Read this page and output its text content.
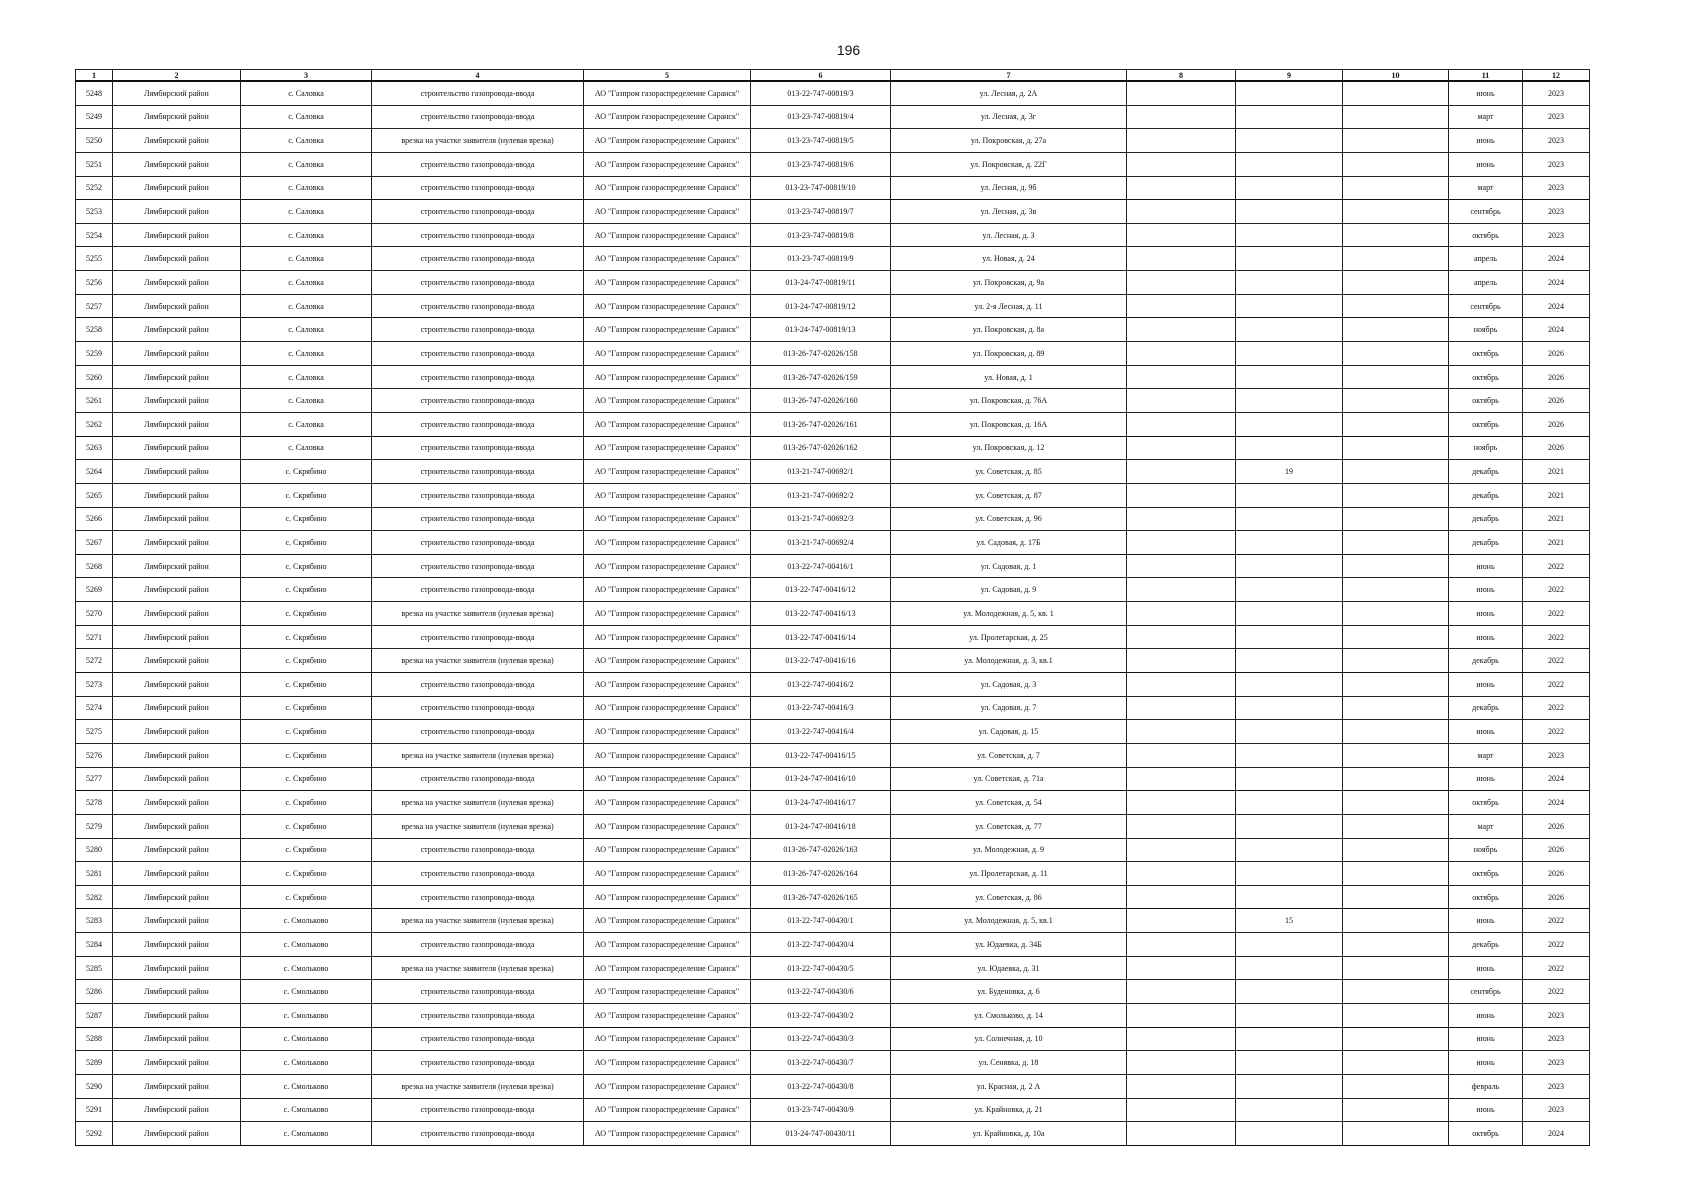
196
1	2	3	4	5	6	7	8	9	10	11	12
5248	Лямбирский район	с. Саловка	строительство газопровода-ввода	АО "Газпром газораспределение Саранск"	013-22-747-00819/3	ул. Лесная, д. 2А				июнь	2023
5249	Лямбирский район	с. Саловка	строительство газопровода-ввода	АО "Газпром газораспределение Саранск"	013-23-747-00819/4	ул. Лесная, д. 3г				март	2023
5250	Лямбирский район	с. Саловка	врезка на участке заявителя (нулевая врезка)	АО "Газпром газораспределение Саранск"	013-23-747-00819/5	ул. Покровская, д. 27а				июнь	2023
5251	Лямбирский район	с. Саловка	строительство газопровода-ввода	АО "Газпром газораспределение Саранск"	013-23-747-00819/6	ул. Покровская, д. 22Г				июнь	2023
5252	Лямбирский район	с. Саловка	строительство газопровода-ввода	АО "Газпром газораспределение Саранск"	013-23-747-00819/10	ул. Лесная, д. 9б				март	2023
5253	Лямбирский район	с. Саловка	строительство газопровода-ввода	АО "Газпром газораспределение Саранск"	013-23-747-00819/7	ул. Лесная, д. 3в				сентябрь	2023
5254	Лямбирский район	с. Саловка	строительство газопровода-ввода	АО "Газпром газораспределение Саранск"	013-23-747-00819/8	ул. Лесная, д. 3				октябрь	2023
5255	Лямбирский район	с. Саловка	строительство газопровода-ввода	АО "Газпром газораспределение Саранск"	013-23-747-00819/9	ул. Новая, д. 24				апрель	2024
5256	Лямбирский район	с. Саловка	строительство газопровода-ввода	АО "Газпром газораспределение Саранск"	013-24-747-00819/11	ул. Покровская, д. 9а				апрель	2024
5257	Лямбирский район	с. Саловка	строительство газопровода-ввода	АО "Газпром газораспределение Саранск"	013-24-747-00819/12	ул. 2-я Лесная, д. 11				сентябрь	2024
5258	Лямбирский район	с. Саловка	строительство газопровода-ввода	АО "Газпром газораспределение Саранск"	013-24-747-00819/13	ул. Покровская, д. 8а				ноябрь	2024
5259	Лямбирский район	с. Саловка	строительство газопровода-ввода	АО "Газпром газораспределение Саранск"	013-26-747-02026/158	ул. Покровская, д. 89				октябрь	2026
5260	Лямбирский район	с. Саловка	строительство газопровода-ввода	АО "Газпром газораспределение Саранск"	013-26-747-02026/159	ул. Новая, д. 1				октябрь	2026
5261	Лямбирский район	с. Саловка	строительство газопровода-ввода	АО "Газпром газораспределение Саранск"	013-26-747-02026/160	ул. Покровская, д. 76А				октябрь	2026
5262	Лямбирский район	с. Саловка	строительство газопровода-ввода	АО "Газпром газораспределение Саранск"	013-26-747-02026/161	ул. Покровская, д. 16А				октябрь	2026
5263	Лямбирский район	с. Саловка	строительство газопровода-ввода	АО "Газпром газораспределение Саранск"	013-26-747-02026/162	ул. Покровская, д. 12				ноябрь	2026
5264	Лямбирский район	с. Скрябино	строительство газопровода-ввода	АО "Газпром газораспределение Саранск"	013-21-747-00692/1	ул. Советская, д. 85		19		декабрь	2021
5265	Лямбирский район	с. Скрябино	строительство газопровода-ввода	АО "Газпром газораспределение Саранск"	013-21-747-00692/2	ул. Советская, д. 87				декабрь	2021
5266	Лямбирский район	с. Скрябино	строительство газопровода-ввода	АО "Газпром газораспределение Саранск"	013-21-747-00692/3	ул. Советская, д. 96				декабрь	2021
5267	Лямбирский район	с. Скрябино	строительство газопровода-ввода	АО "Газпром газораспределение Саранск"	013-21-747-00692/4	ул. Садовая, д. 17Б				декабрь	2021
5268	Лямбирский район	с. Скрябино	строительство газопровода-ввода	АО "Газпром газораспределение Саранск"	013-22-747-00416/1	ул. Садовая, д. 1				июнь	2022
5269	Лямбирский район	с. Скрябино	строительство газопровода-ввода	АО "Газпром газораспределение Саранск"	013-22-747-00416/12	ул. Садовая, д. 9				июнь	2022
5270	Лямбирский район	с. Скрябино	врезка на участке заявителя (нулевая врезка)	АО "Газпром газораспределение Саранск"	013-22-747-00416/13	ул. Молодежная, д. 5, кв. 1				июнь	2022
5271	Лямбирский район	с. Скрябино	строительство газопровода-ввода	АО "Газпром газораспределение Саранск"	013-22-747-00416/14	ул. Пролетарская, д. 25				июнь	2022
5272	Лямбирский район	с. Скрябино	врезка на участке заявителя (нулевая врезка)	АО "Газпром газораспределение Саранск"	013-22-747-00416/16	ул. Молодежная, д. 3, кв.1				декабрь	2022
5273	Лямбирский район	с. Скрябино	строительство газопровода-ввода	АО "Газпром газораспределение Саранск"	013-22-747-00416/2	ул. Садовая, д. 3				июнь	2022
5274	Лямбирский район	с. Скрябино	строительство газопровода-ввода	АО "Газпром газораспределение Саранск"	013-22-747-00416/3	ул. Садовая, д. 7				декабрь	2022
5275	Лямбирский район	с. Скрябино	строительство газопровода-ввода	АО "Газпром газораспределение Саранск"	013-22-747-00416/4	ул. Садовая, д. 15				июнь	2022
5276	Лямбирский район	с. Скрябино	врезка на участке заявителя (нулевая врезка)	АО "Газпром газораспределение Саранск"	013-22-747-00416/15	ул. Советская, д. 7				март	2023
5277	Лямбирский район	с. Скрябино	строительство газопровода-ввода	АО "Газпром газораспределение Саранск"	013-24-747-00416/10	ул. Советская, д. 71а				июнь	2024
5278	Лямбирский район	с. Скрябино	врезка на участке заявителя (нулевая врезка)	АО "Газпром газораспределение Саранск"	013-24-747-00416/17	ул. Советская, д. 54				октябрь	2024
5279	Лямбирский район	с. Скрябино	врезка на участке заявителя (нулевая врезка)	АО "Газпром газораспределение Саранск"	013-24-747-00416/18	ул. Советская, д. 77				март	2026
5280	Лямбирский район	с. Скрябино	строительство газопровода-ввода	АО "Газпром газораспределение Саранск"	013-26-747-02026/163	ул. Молодежная, д. 9				ноябрь	2026
5281	Лямбирский район	с. Скрябино	строительство газопровода-ввода	АО "Газпром газораспределение Саранск"	013-26-747-02026/164	ул. Пролетарская, д. 11				октябрь	2026
5282	Лямбирский район	с. Скрябино	строительство газопровода-ввода	АО "Газпром газораспределение Саранск"	013-26-747-02026/165	ул. Советская, д. 86				октябрь	2026
5283	Лямбирский район	с. Смольково	врезка на участке заявителя (нулевая врезка)	АО "Газпром газораспределение Саранск"	013-22-747-00430/1	ул. Молодежная, д. 5, кв.1		15		июнь	2022
5284	Лямбирский район	с. Смольково	строительство газопровода-ввода	АО "Газпром газораспределение Саранск"	013-22-747-00430/4	ул. Юдаевка, д. 34Б				декабрь	2022
5285	Лямбирский район	с. Смольково	врезка на участке заявителя (нулевая врезка)	АО "Газпром газораспределение Саранск"	013-22-747-00430/5	ул. Юдаевка, д. 31				июнь	2022
5286	Лямбирский район	с. Смольково	строительство газопровода-ввода	АО "Газпром газораспределение Саранск"	013-22-747-00430/6	ул. Буденовка, д. 6				сентябрь	2022
5287	Лямбирский район	с. Смольково	строительство газопровода-ввода	АО "Газпром газораспределение Саранск"	013-22-747-00430/2	ул. Смольково, д. 14				июнь	2023
5288	Лямбирский район	с. Смольково	строительство газопровода-ввода	АО "Газпром газораспределение Саранск"	013-22-747-00430/3	ул. Солнечная, д. 10				июнь	2023
5289	Лямбирский район	с. Смольково	строительство газопровода-ввода	АО "Газпром газораспределение Саранск"	013-22-747-00430/7	ул. Сенявка, д. 18				июнь	2023
5290	Лямбирский район	с. Смольково	врезка на участке заявителя (нулевая врезка)	АО "Газпром газораспределение Саранск"	013-22-747-00430/8	ул. Красная, д. 2 А				февраль	2023
5291	Лямбирский район	с. Смольково	строительство газопровода-ввода	АО "Газпром газораспределение Саранск"	013-23-747-00430/9	ул. Крайновка, д. 21				июнь	2023
5292	Лямбирский район	с. Смольково	строительство газопровода-ввода	АО "Газпром газораспределение Саранск"	013-24-747-00430/11	ул. Крайновка, д. 10а				октябрь	2024
